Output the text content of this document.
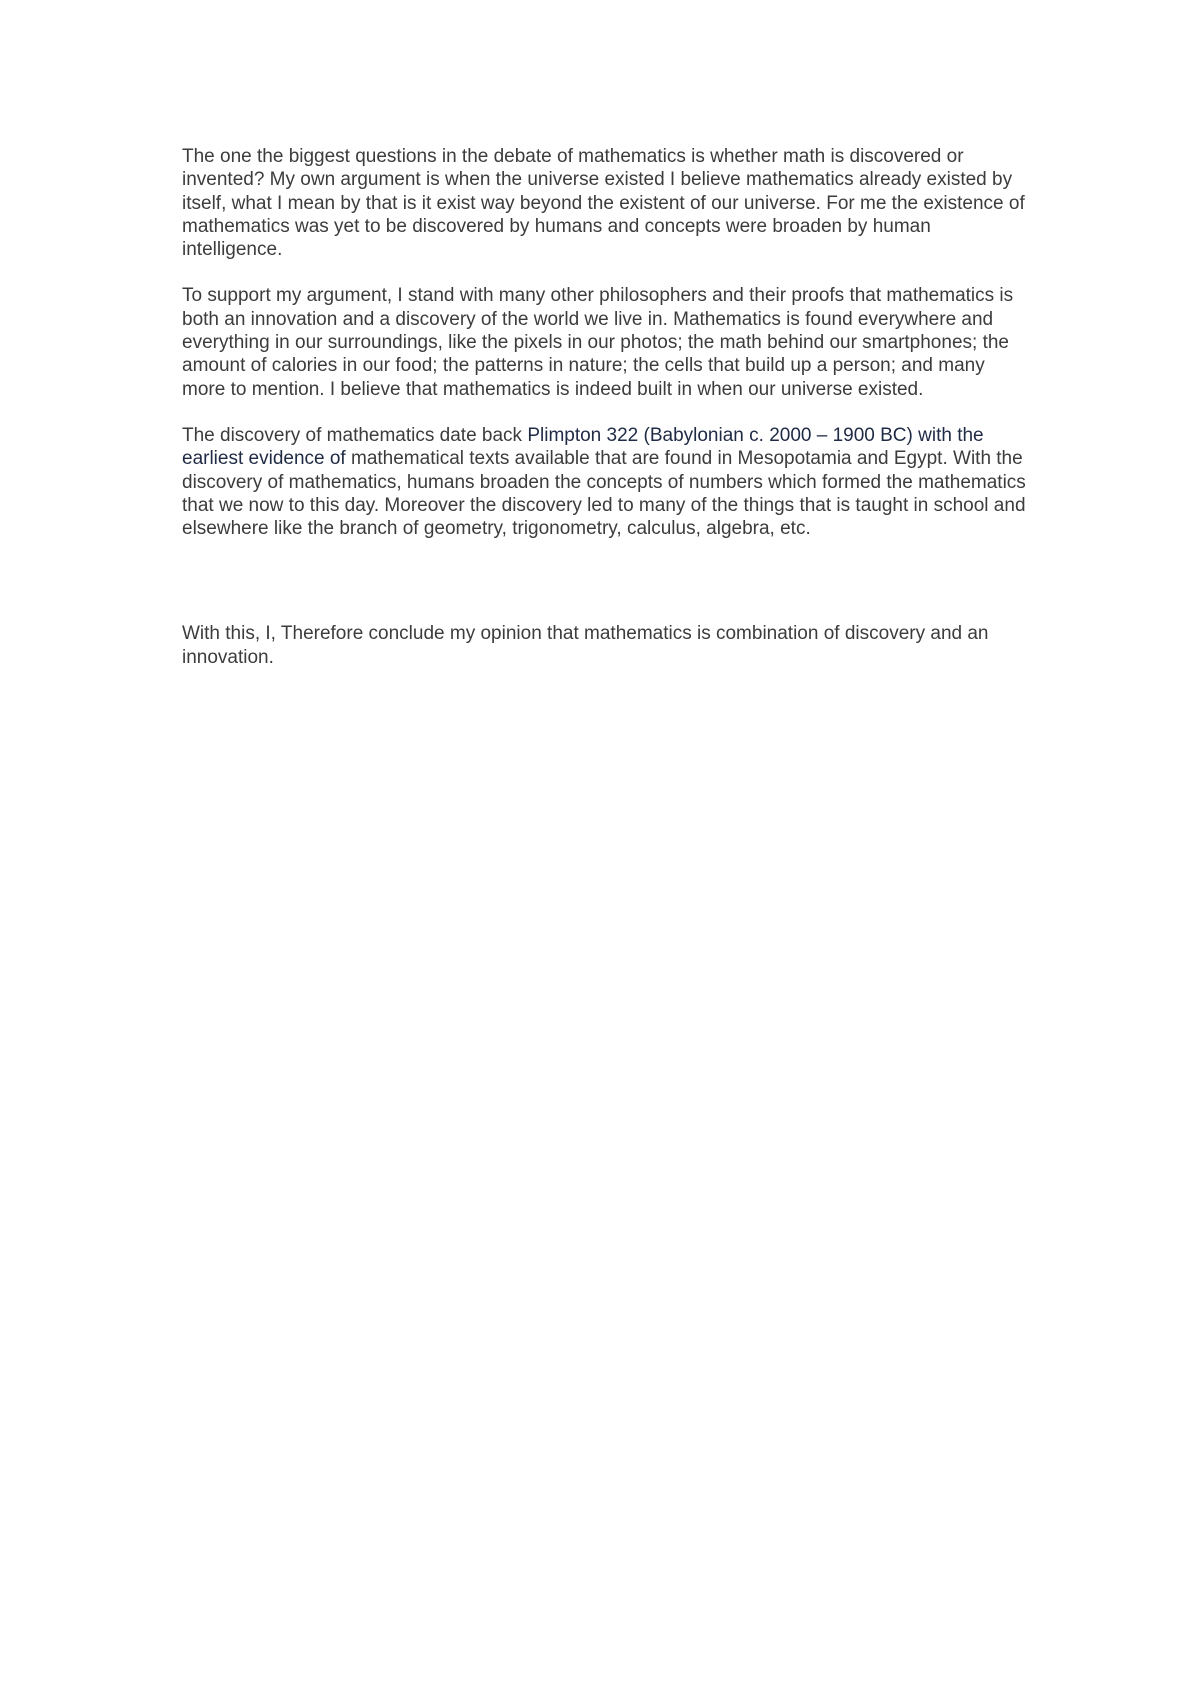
The one the biggest questions in the debate of mathematics is whether math is discovered or invented? My own argument is when the universe existed I believe mathematics already existed by itself, what I mean by that is it exist way beyond the existent of our universe. For me the existence of mathematics was yet to be discovered by humans and concepts were broaden by human intelligence.

To support my argument, I stand with many other philosophers and their proofs that mathematics is both an innovation and a discovery of the world we live in. Mathematics is found everywhere and everything in our surroundings, like the pixels in our photos; the math behind our smartphones; the amount of calories in our food; the patterns in nature; the cells that build up a person; and many more to mention. I believe that mathematics is indeed built in when our universe existed.

The discovery of mathematics date back Plimpton 322 (Babylonian c. 2000 – 1900 BC) with the earliest evidence of mathematical texts available that are found in Mesopotamia and Egypt. With the discovery of mathematics, humans broaden the concepts of numbers which formed the mathematics that we now to this day. Moreover the discovery led to many of the things that is taught in school and elsewhere like the branch of geometry, trigonometry, calculus, algebra, etc.

With this, I, Therefore conclude my opinion that mathematics is combination of discovery and an innovation.
